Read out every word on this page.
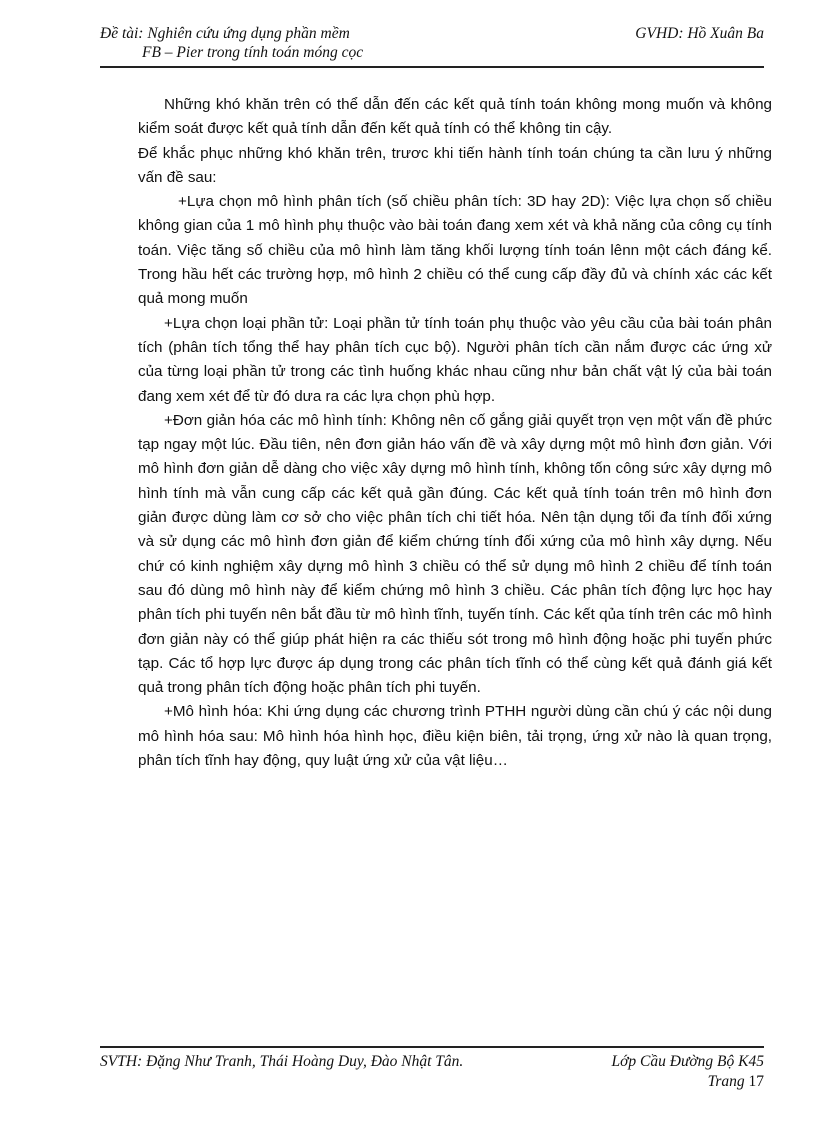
Đề tài: Nghiên cứu ứng dụng phần mềm
FB – Pier trong tính toán móng cọc
GVHD: Hồ Xuân Ba

Những khó khăn trên có thể dẫn đến các kết quả tính toán không mong muốn và không kiểm soát được kết quả tính dẫn đến kết quả tính có thể không tin cậy.

Để khắc phục những khó khăn trên, trươc khi tiến hành tính toán chúng ta cần lưu ý những vấn đề sau:

+Lựa chọn mô hình phân tích (số chiều phân tích: 3D hay 2D): Việc lựa chọn số chiều không gian của 1 mô hình phụ thuộc vào bài toán đang xem xét và khả năng của công cụ tính toán. Việc tăng số chiều của mô hình làm tăng khối lượng tính toán lênn một cách đáng kể. Trong hầu hết các trường hợp, mô hình 2 chiều có thể cung cấp đầy đủ và chính xác các kết quả mong muốn

+Lựa chọn loại phần tử: Loại phần tử tính toán phụ thuộc vào yêu cầu của bài toán phân tích (phân tích tổng thể hay phân tích cục bộ). Người phân tích cần nắm được các ứng xử của từng loại phần tử trong các tình huống khác nhau cũng như bản chất vật lý của bài toán đang xem xét để từ đó dưa ra các lựa chọn phù hợp.

+Đơn giản hóa các mô hình tính: Không nên cố gắng giải quyết trọn vẹn một vấn đề phức tạp ngay một lúc. Đầu tiên, nên đơn giản háo vấn đề và xây dựng một mô hình đơn giản. Với mô hình đơn giản dễ dàng cho việc xây dựng mô hình tính, không tốn công sức xây dựng mô hình tính mà vẫn cung cấp các kết quả gần đúng. Các kết quả tính toán trên mô hình đơn giản được dùng làm cơ sở cho việc phân tích chi tiết hóa. Nên tận dụng tối đa tính đối xứng và sử dụng các mô hình đơn giản để kiểm chứng tính đối xứng của mô hình xây dựng. Nếu chứ có kinh nghiệm xây dựng mô hình 3 chiều có thể sử dụng mô hình 2 chiều để tính toán sau đó dùng mô hình này để kiểm chứng mô hình 3 chiều. Các phân tích động lực học hay phân tích phi tuyến nên bắt đầu từ mô hình tĩnh, tuyến tính. Các kết qủa tính trên các mô hình đơn giản này có thể giúp phát hiện ra các thiếu sót trong mô hình động hoặc phi tuyến phức tạp. Các tổ hợp lực được áp dụng trong các phân tích tĩnh có thể cùng kết quả đánh giá kết quả trong phân tích động hoặc phân tích phi tuyến.

+Mô hình hóa: Khi ứng dụng các chương trình PTHH người dùng cần chú ý các nội dung mô hình hóa sau: Mô hình hóa hình học, điều kiện biên, tải trọng, ứng xử nào là quan trọng, phân tích tĩnh hay động, quy luật ứng xử của vật liệu…

SVTH: Đặng Như Tranh, Thái Hoàng Duy, Đào Nhật Tân.	Lớp Cầu Đường Bộ K45
Trang 17
